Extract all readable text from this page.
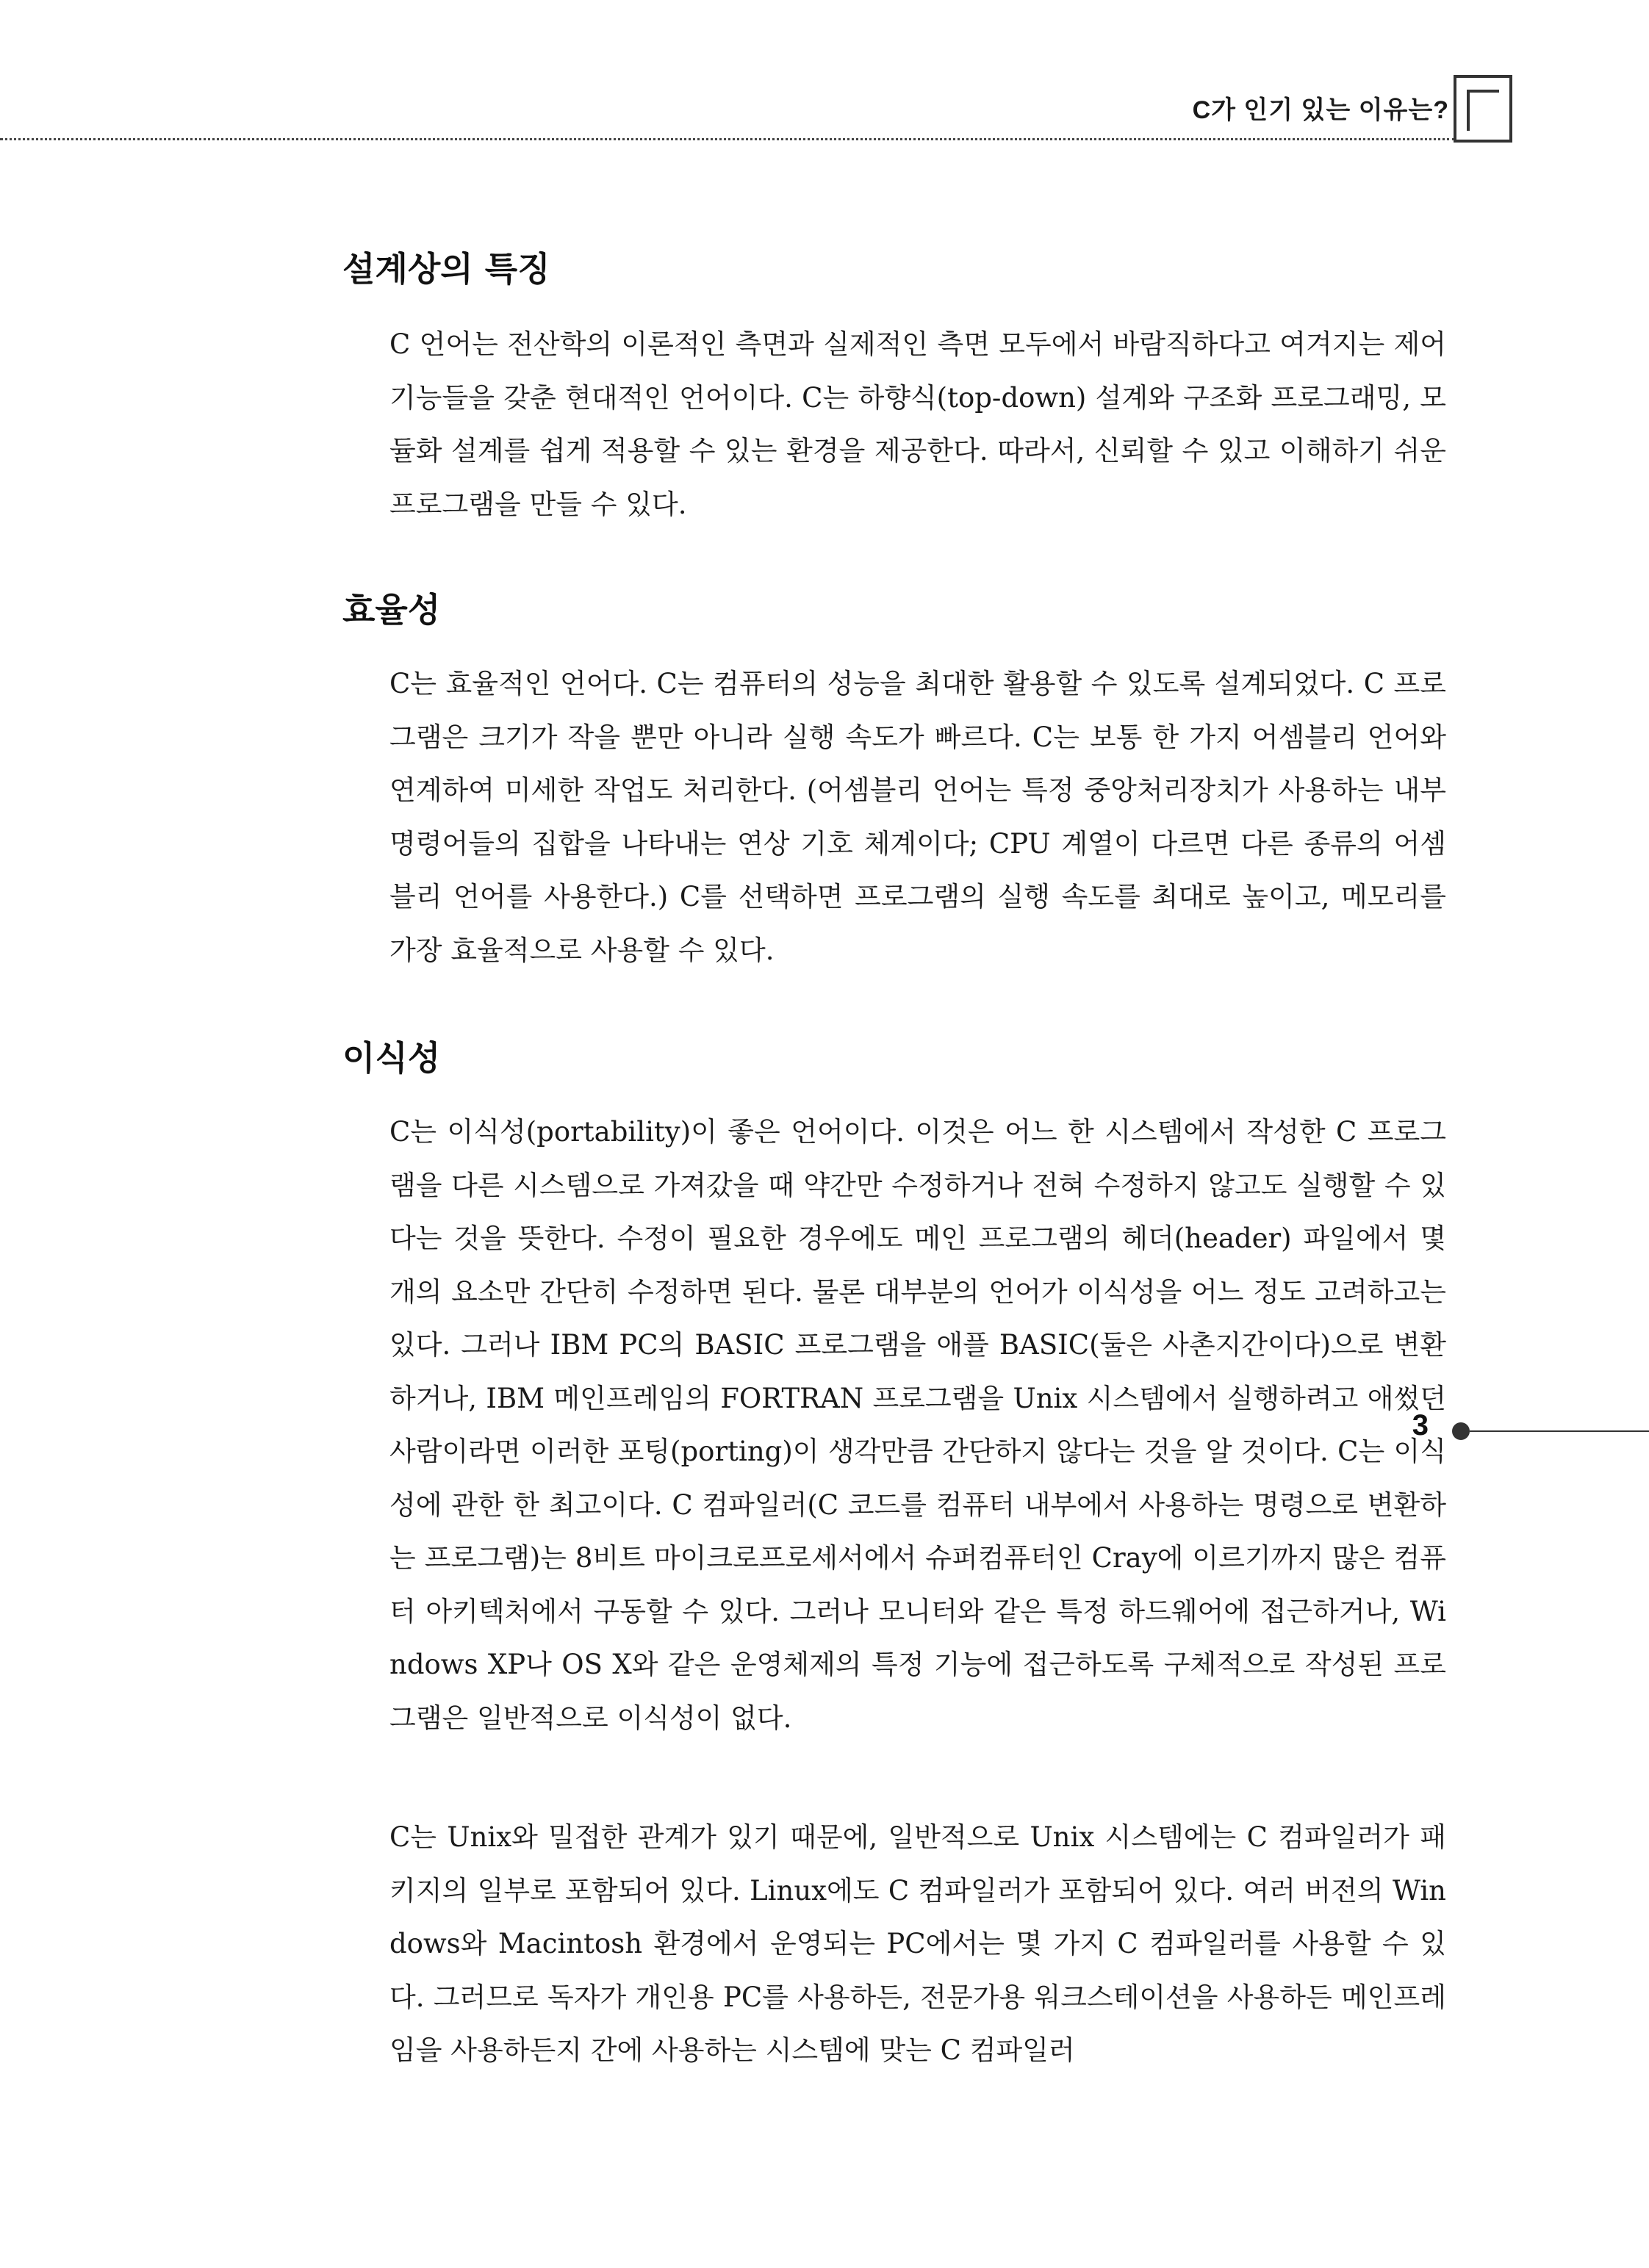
C가 인기 있는 이유는?
설계상의 특징

C 언어는 전산학의 이론적인 측면과 실제적인 측면 모두에서 바람직하다고 여겨지는 제어 기능들을 갖춘 현대적인 언어이다. C는 하향식(top-down) 설계와 구조화 프로그래밍, 모듈화 설계를 쉽게 적용할 수 있는 환경을 제공한다. 따라서, 신뢰할 수 있고 이해하기 쉬운 프로그램을 만들 수 있다.

효율성

C는 효율적인 언어다. C는 컴퓨터의 성능을 최대한 활용할 수 있도록 설계되었다. C 프로그램은 크기가 작을 뿐만 아니라 실행 속도가 빠르다. C는 보통 한 가지 어셈블리 언어와 연계하여 미세한 작업도 처리한다. (어셈블리 언어는 특정 중앙처리장치가 사용하는 내부 명령어들의 집합을 나타내는 연상 기호 체계이다; CPU 계열이 다르면 다른 종류의 어셈블리 언어를 사용한다.) C를 선택하면 프로그램의 실행 속도를 최대로 높이고, 메모리를 가장 효율적으로 사용할 수 있다.

이식성

C는 이식성(portability)이 좋은 언어이다. 이것은 어느 한 시스템에서 작성한 C 프로그램을 다른 시스템으로 가져갔을 때 약간만 수정하거나 전혀 수정하지 않고도 실행할 수 있다는 것을 뜻한다. 수정이 필요한 경우에도 메인 프로그램의 헤더(header) 파일에서 몇 개의 요소만 간단히 수정하면 된다. 물론 대부분의 언어가 이식성을 어느 정도 고려하고는 있다. 그러나 IBM PC의 BASIC 프로그램을 애플 BASIC(둘은 사촌지간이다)으로 변환하거나, IBM 메인프레임의 FORTRAN 프로그램을 Unix 시스템에서 실행하려고 애썼던 사람이라면 이러한 포팅(porting)이 생각만큼 간단하지 않다는 것을 알 것이다. C는 이식성에 관한 한 최고이다. C 컴파일러(C 코드를 컴퓨터 내부에서 사용하는 명령으로 변환하는 프로그램)는 8비트 마이크로프로세서에서 슈퍼컴퓨터인 Cray에 이르기까지 많은 컴퓨터 아키텍처에서 구동할 수 있다. 그러나 모니터와 같은 특정 하드웨어에 접근하거나, Windows XP나 OS X와 같은 운영체제의 특정 기능에 접근하도록 구체적으로 작성된 프로그램은 일반적으로 이식성이 없다.

C는 Unix와 밀접한 관계가 있기 때문에, 일반적으로 Unix 시스템에는 C 컴파일러가 패키지의 일부로 포함되어 있다. Linux에도 C 컴파일러가 포함되어 있다. 여러 버전의 Windows와 Macintosh 환경에서 운영되는 PC에서는 몇 가지 C 컴파일러를 사용할 수 있다. 그러므로 독자가 개인용 PC를 사용하든, 전문가용 워크스테이션을 사용하든 메인프레임을 사용하든지 간에 사용하는 시스템에 맞는 C 컴파일러

3
